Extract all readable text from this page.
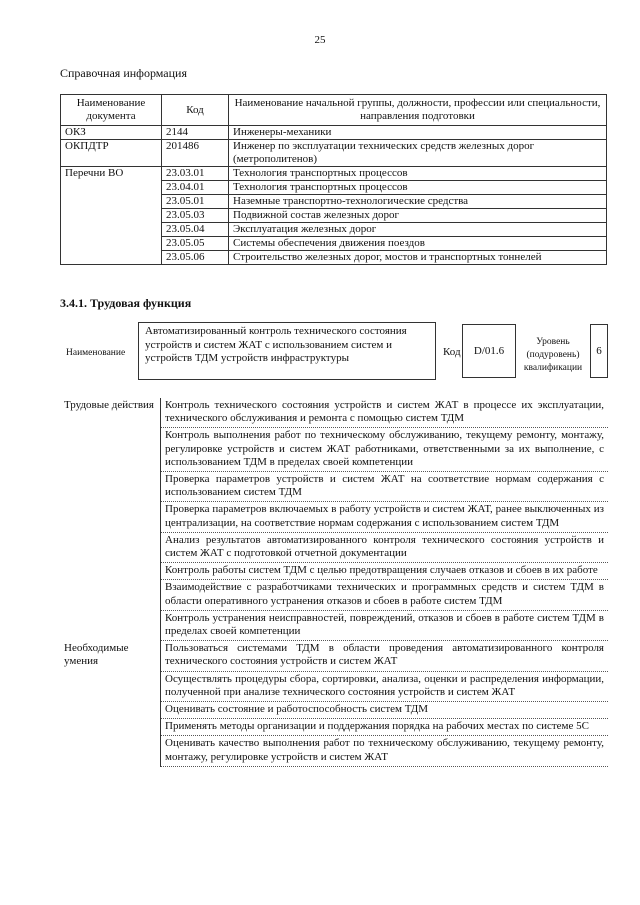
25
Справочная информация
Наименование документа	Код	Наименование начальной группы, должности, профессии или специальности, направления подготовки
ОКЗ	2144	Инженеры-механики
ОКПДТР	201486	Инженер по эксплуатации технических средств железных дорог (метрополитенов)
Перечни ВО	23.03.01	Технология транспортных процессов
	23.04.01	Технология транспортных процессов
	23.05.01	Наземные транспортно-технологические средства
	23.05.03	Подвижной состав железных дорог
	23.05.04	Эксплуатация железных дорог
	23.05.05	Системы обеспечения движения поездов
	23.05.06	Строительство железных дорог, мостов и транспортных тоннелей
3.4.1. Трудовая функция
Наименование
Автоматизированный контроль технического состояния устройств и систем ЖАТ с использованием систем и устройств ТДМ устройств инфраструктуры	Код	D/01.6
Уровень (подуровень) квалификации
6
Трудовые действия	Контроль технического состояния устройств и систем ЖАТ в процессе их эксплуатации, технического обслуживания и ремонта с помощью систем ТДМ
	Контроль выполнения работ по техническому обслуживанию, текущему ремонту, монтажу, регулировке устройств и систем ЖАТ работниками, ответственными за их выполнение, с использованием ТДМ в пределах своей компетенции
	Проверка параметров устройств и систем ЖАТ на соответствие нормам содержания с использованием систем ТДМ
	Проверка параметров включаемых в работу устройств и систем ЖАТ, ранее выключенных из централизации, на соответствие нормам содержания с использованием систем ТДМ
	Анализ результатов автоматизированного контроля технического состояния устройств и систем ЖАТ с подготовкой отчетной документации
	Контроль работы систем ТДМ с целью предотвращения случаев отказов и сбоев в их работе
	Взаимодействие с разработчиками технических и программных средств и систем ТДМ в области оперативного устранения отказов и сбоев в работе систем ТДМ
	Контроль устранения неисправностей, повреждений, отказов и сбоев в работе систем ТДМ в пределах своей компетенции
Необходимые умения	Пользоваться системами ТДМ в области проведения автоматизированного контроля технического состояния устройств и систем ЖАТ
	Осуществлять процедуры сбора, сортировки, анализа, оценки и распределения информации, полученной при анализе технического состояния устройств и систем ЖАТ
	Оценивать состояние и работоспособность систем ТДМ
	Применять методы организации и поддержания порядка на рабочих местах по системе 5С
	Оценивать качество выполнения работ по техническому обслуживанию, текущему ремонту, монтажу, регулировке устройств и систем ЖАТ
